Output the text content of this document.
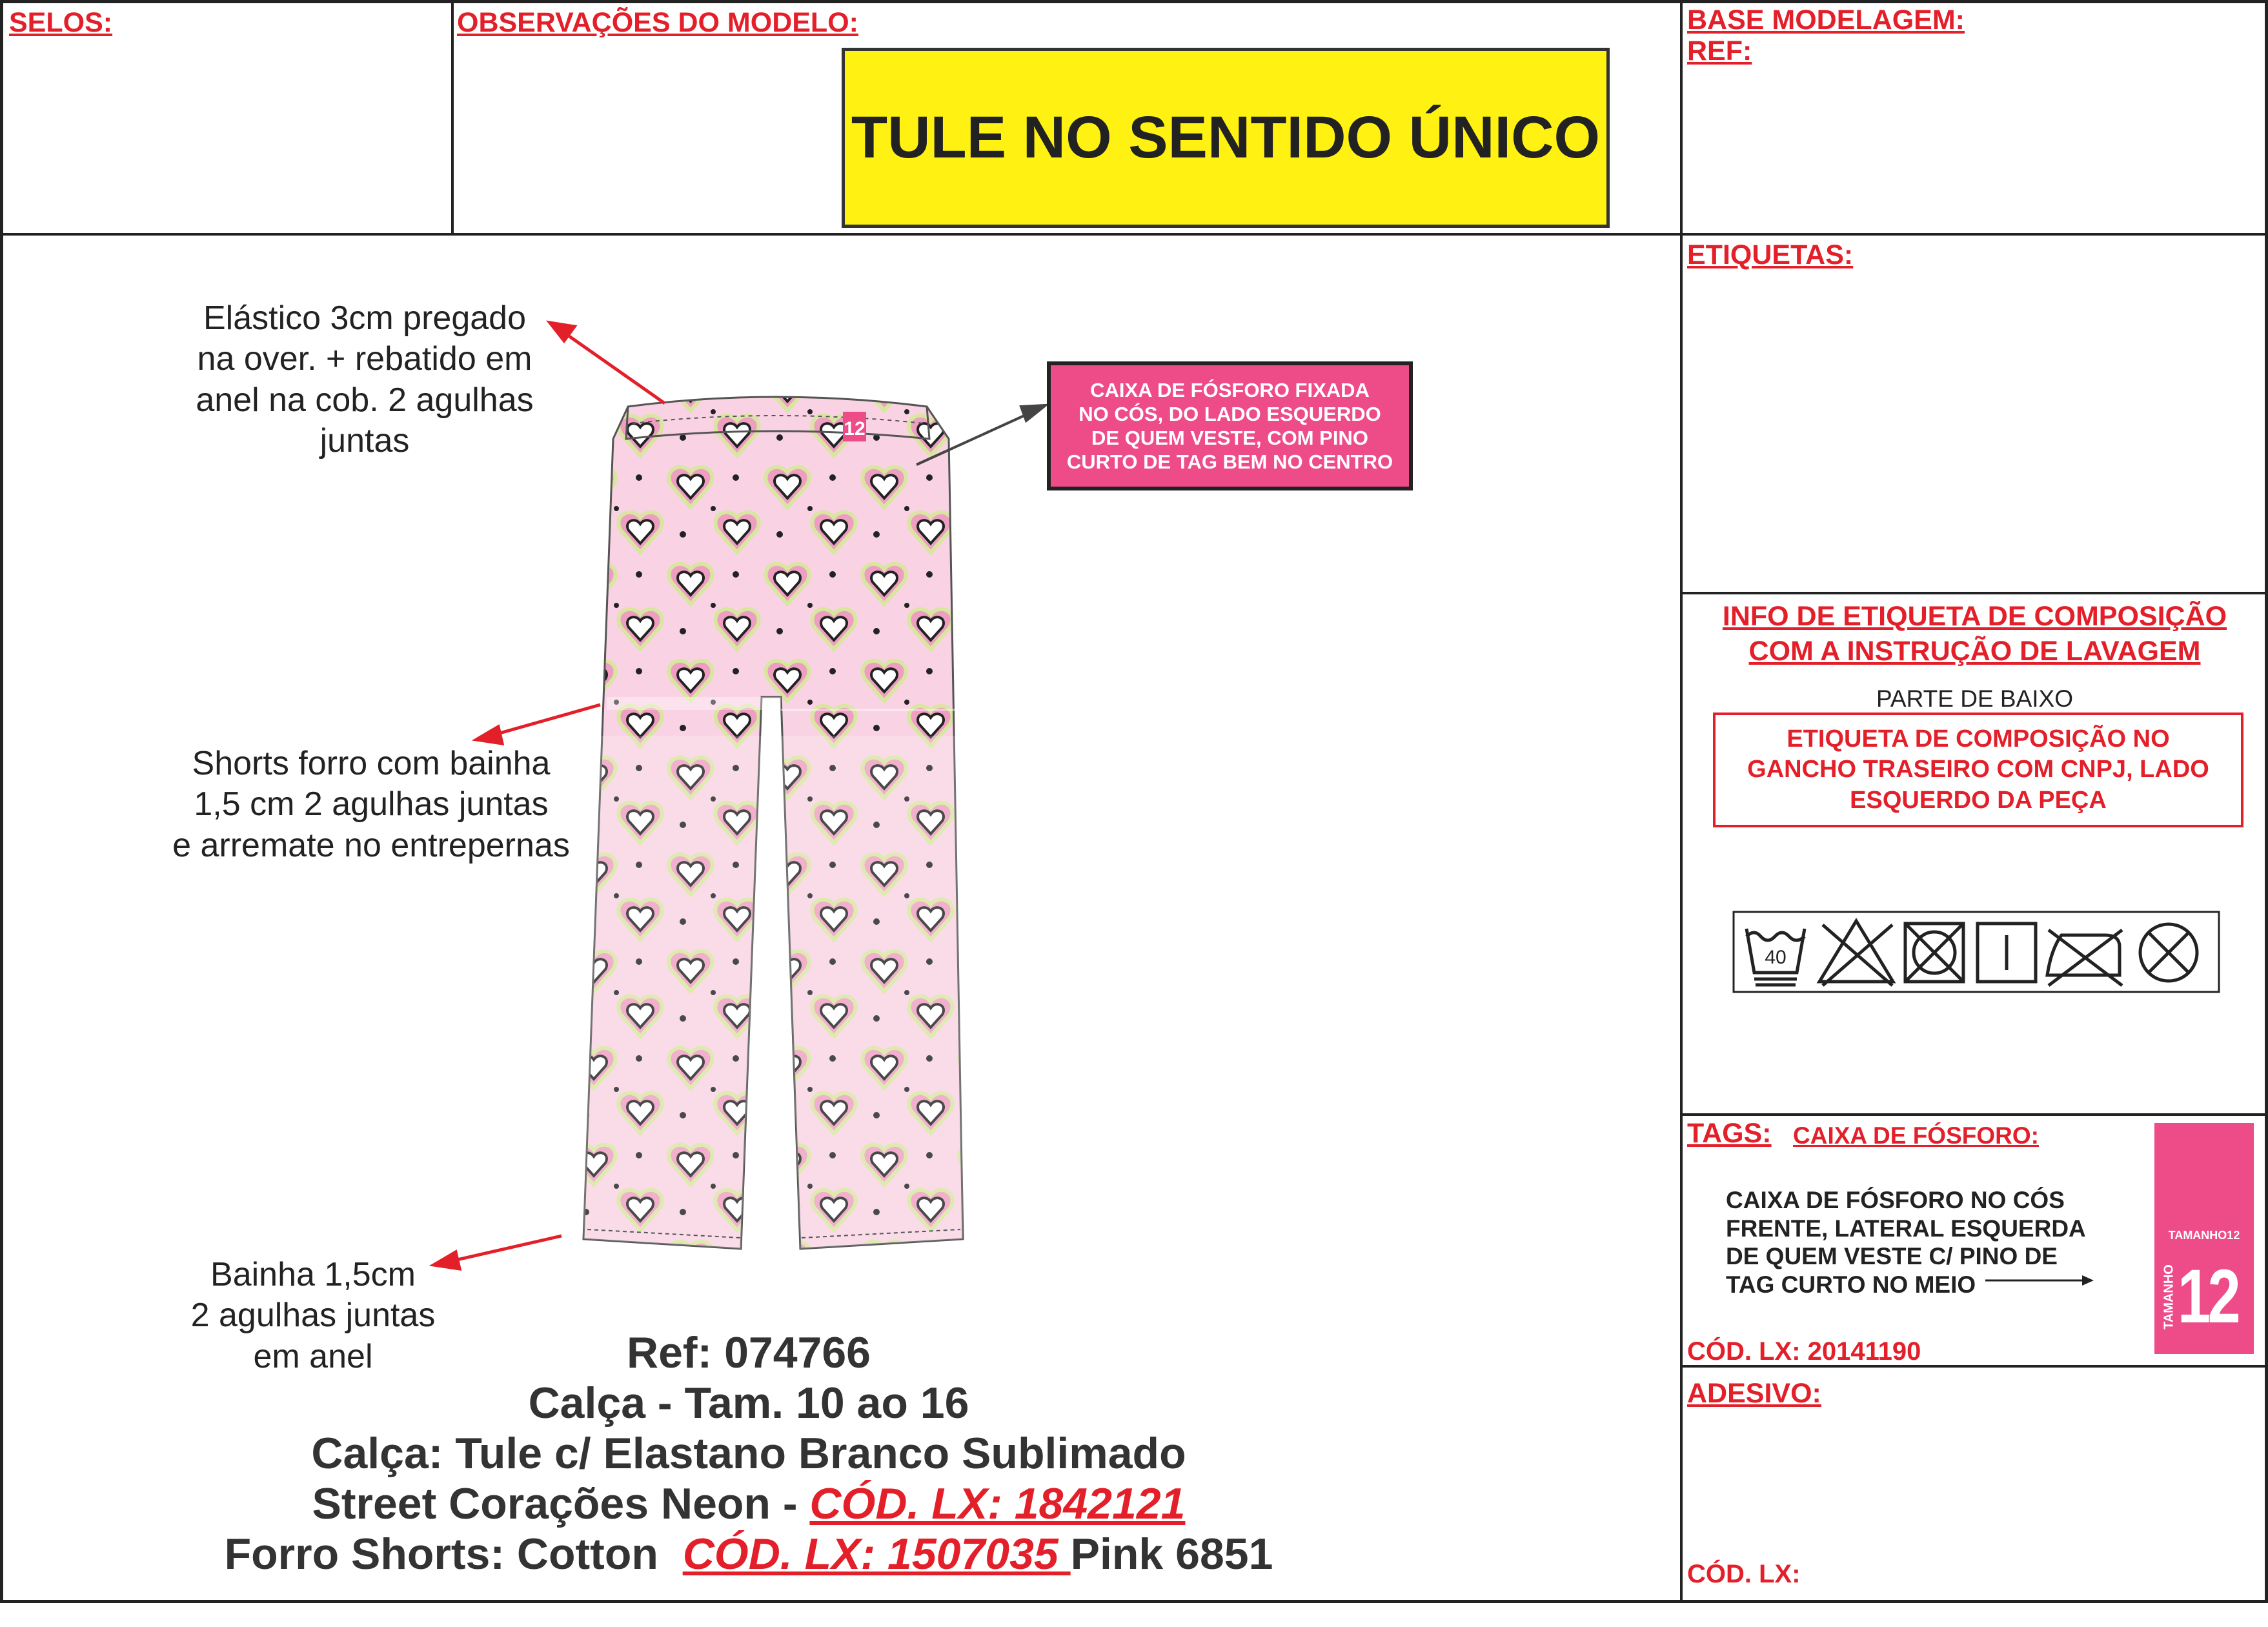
SELOS:	OBSERVAÇÕES DO MODELO:
TULE NO SENTIDO ÚNICO
BASE MODELAGEM:
REF:
ETIQUETAS:
INFO DE ETIQUETA DE COMPOSIÇÃO
COM A INSTRUÇÃO DE LAVAGEM
PARTE DE BAIXO
ETIQUETA DE COMPOSIÇÃO NO
GANCHO TRASEIRO COM CNPJ, LADO
ESQUERDO DA PEÇA
40
TAGS: CAIXA DE FÓSFORO:
CAIXA DE FÓSFORO NO CÓS
FRENTE, LATERAL ESQUERDA
DE QUEM VESTE C/ PINO DE
TAG CURTO NO MEIO
TAMANHO12
TAMANHO 12
CÓD. LX: 20141190
ADESIVO:
CÓD. LX:
12
Elástico 3cm pregado
na over. + rebatido em
anel na cob. 2 agulhas
juntas
Shorts forro com bainha
1,5 cm 2 agulhas juntas
e arremate no entrepernas
Bainha 1,5cm
2 agulhas juntas
em anel
CAIXA DE FÓSFORO FIXADA
NO CÓS, DO LADO ESQUERDO
DE QUEM VESTE, COM PINO
CURTO DE TAG BEM NO CENTRO
Ref: 074766
Calça - Tam. 10 ao 16
Calça: Tule c/ Elastano Branco Sublimado
Street Corações Neon - CÓD. LX: 1842121
Forro Shorts: Cotton  CÓD. LX: 1507035 Pink 6851
